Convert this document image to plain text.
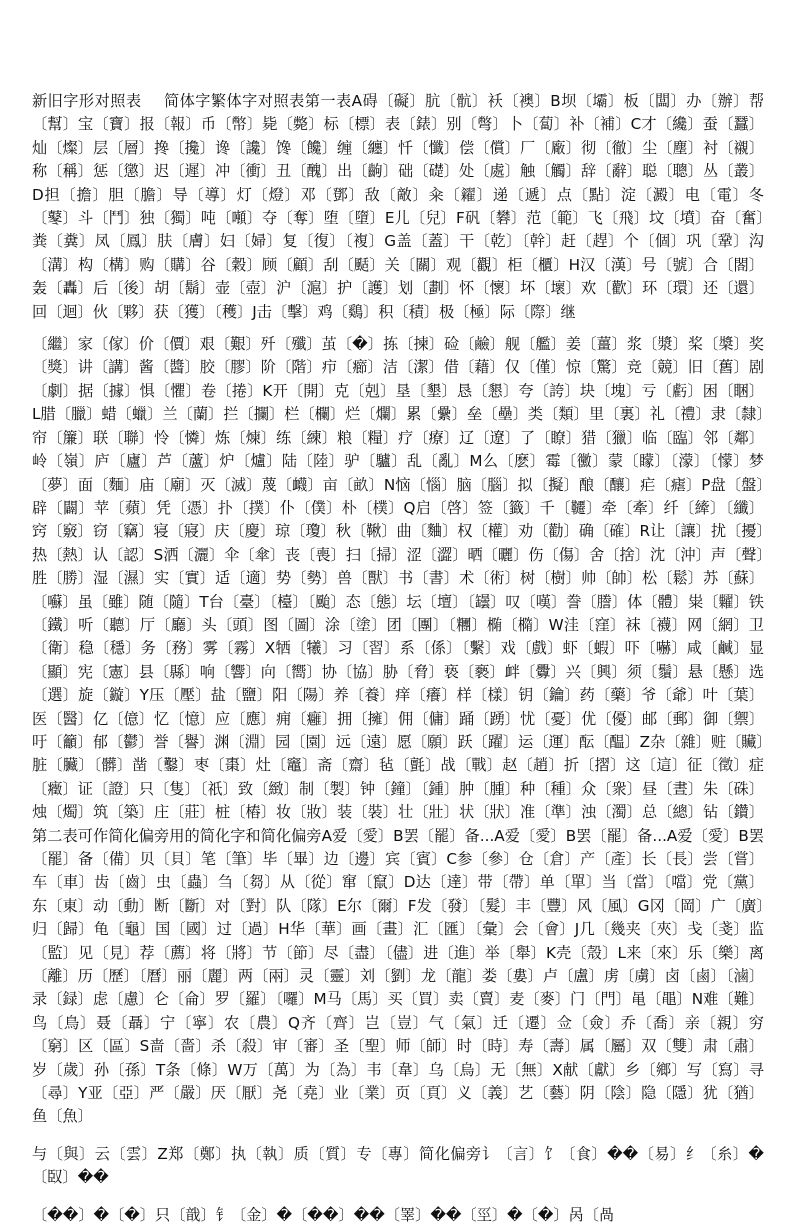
新旧字形对照表 简体字繁体字对照表第一表A碍〔礙〕肮〔骯〕袄〔襖〕B坝〔壩〕板〔闆〕办〔辦〕帮〔幫〕宝〔寶〕报〔報〕币〔幣〕毙〔斃〕标〔標〕表〔錶〕别〔彆〕卜〔蔔〕补〔補〕C才〔纔〕蚕〔蠶〕灿〔燦〕层〔層〕搀〔攙〕谗〔讒〕馋〔饞〕缠〔纏〕忏〔懺〕偿〔償〕厂〔廠〕彻〔徹〕尘〔塵〕衬〔襯〕称〔稱〕惩〔懲〕迟〔遲〕冲〔衝〕丑〔醜〕出〔齣〕础〔礎〕处〔處〕触〔觸〕辞〔辭〕聪〔聰〕丛〔叢〕D担〔擔〕胆〔膽〕导〔導〕灯〔燈〕邓〔鄧〕敌〔敵〕籴〔糴〕递〔遞〕点〔點〕淀〔澱〕电〔電〕冬〔鼕〕斗〔鬥〕独〔獨〕吨〔噸〕夺〔奪〕堕〔墮〕E儿〔兒〕F矾〔礬〕范〔範〕飞〔飛〕坟〔墳〕奋〔奮〕粪〔糞〕凤〔鳳〕肤〔膚〕妇〔婦〕复〔復〕〔複〕G盖〔蓋〕干〔乾〕〔幹〕赶〔趕〕个〔個〕巩〔鞏〕沟〔溝〕构〔構〕购〔購〕谷〔穀〕顾〔顧〕刮〔颳〕关〔關〕观〔觀〕柜〔櫃〕H汉〔漢〕号〔號〕合〔閤〕轰〔轟〕后〔後〕胡〔鬍〕壶〔壺〕沪〔滬〕护〔護〕划〔劃〕怀〔懷〕坏〔壞〕欢〔歡〕环〔環〕还〔還〕回〔迴〕伙〔夥〕获〔獲〕〔穫〕J击〔擊〕鸡〔鷄〕积〔積〕极〔極〕际〔際〕继

〔繼〕家〔傢〕价〔價〕艰〔艱〕歼〔殲〕茧〔�〕拣〔揀〕硷〔鹼〕舰〔艦〕姜〔薑〕浆〔漿〕桨〔槳〕奖〔獎〕讲〔講〕酱〔醬〕胶〔膠〕阶〔階〕疖〔癤〕洁〔潔〕借〔藉〕仅〔僅〕惊〔驚〕竞〔競〕旧〔舊〕剧〔劇〕据〔據〕惧〔懼〕卷〔捲〕K开〔開〕克〔剋〕垦〔墾〕恳〔懇〕夸〔誇〕块〔塊〕亏〔虧〕困〔睏〕L腊〔臘〕蜡〔蠟〕兰〔蘭〕拦〔攔〕栏〔欄〕烂〔爛〕累〔纍〕垒〔壘〕类〔類〕里〔裏〕礼〔禮〕隶〔隸〕帘〔簾〕联〔聯〕怜〔憐〕炼〔煉〕练〔練〕粮〔糧〕疗〔療〕辽〔遼〕了〔瞭〕猎〔獵〕临〔臨〕邻〔鄰〕岭〔嶺〕庐〔廬〕芦〔蘆〕炉〔爐〕陆〔陸〕驴〔驢〕乱〔亂〕M么〔麽〕霉〔黴〕蒙〔矇〕〔濛〕〔懞〕梦〔夢〕面〔麵〕庙〔廟〕灭〔滅〕蔑〔衊〕亩〔畝〕N恼〔惱〕脑〔腦〕拟〔擬〕酿〔釀〕疟〔瘧〕P盘〔盤〕辟〔闢〕苹〔蘋〕凭〔憑〕扑〔撲〕仆〔僕〕朴〔樸〕Q启〔啓〕签〔籤〕千〔韆〕牵〔牽〕纤〔縴〕〔纖〕窍〔竅〕窃〔竊〕寝〔寢〕庆〔慶〕琼〔瓊〕秋〔鞦〕曲〔麯〕权〔權〕劝〔勸〕确〔確〕R让〔讓〕扰〔擾〕热〔熱〕认〔認〕S洒〔灑〕伞〔傘〕丧〔喪〕扫〔掃〕涩〔澀〕晒〔曬〕伤〔傷〕舍〔捨〕沈〔沖〕声〔聲〕胜〔勝〕湿〔濕〕实〔實〕适〔適〕势〔勢〕兽〔獸〕书〔書〕术〔術〕树〔樹〕帅〔帥〕松〔鬆〕苏〔蘇〕〔囌〕虽〔雖〕随〔隨〕T台〔臺〕〔檯〕〔颱〕态〔態〕坛〔壇〕〔罎〕叹〔嘆〕誊〔謄〕体〔體〕粜〔糶〕铁〔鐵〕听〔聽〕厅〔廳〕头〔頭〕图〔圖〕涂〔塗〕团〔團〕〔糰〕椭〔橢〕W洼〔窪〕袜〔襪〕网〔網〕卫〔衛〕稳〔穩〕务〔務〕雾〔霧〕X牺〔犧〕习〔習〕系〔係〕〔繫〕戏〔戲〕虾〔蝦〕吓〔嚇〕咸〔鹹〕显〔顯〕宪〔憲〕县〔縣〕响〔響〕向〔嚮〕协〔協〕胁〔脅〕亵〔褻〕衅〔釁〕兴〔興〕须〔鬚〕悬〔懸〕选〔選〕旋〔鏇〕Y压〔壓〕盐〔鹽〕阳〔陽〕养〔養〕痒〔癢〕样〔樣〕钥〔鑰〕药〔藥〕爷〔爺〕叶〔葉〕医〔醫〕亿〔億〕忆〔憶〕应〔應〕痈〔癰〕拥〔擁〕佣〔傭〕踊〔踴〕忧〔憂〕优〔優〕邮〔郵〕御〔禦〕吁〔籲〕郁〔鬱〕誉〔譽〕渊〔淵〕园〔園〕远〔遠〕愿〔願〕跃〔躍〕运〔運〕酝〔醖〕Z杂〔雜〕赃〔贜〕脏〔臟〕〔髒〕凿〔鑿〕枣〔棗〕灶〔竈〕斋〔齋〕毡〔氈〕战〔戰〕赵〔趙〕折〔摺〕这〔這〕征〔徵〕症〔癥〕证〔證〕只〔隻〕〔祇〕致〔緻〕制〔製〕钟〔鐘〕〔鍾〕肿〔腫〕种〔種〕众〔衆〕昼〔晝〕朱〔硃〕烛〔燭〕筑〔築〕庄〔莊〕桩〔樁〕妆〔妝〕装〔裝〕壮〔壯〕状〔狀〕准〔準〕浊〔濁〕总〔總〕钻〔鑽〕第二表可作简化偏旁用的简化字和简化偏旁A爱〔愛〕B罢〔罷〕备...A爱〔愛〕B罢〔罷〕备...A爱〔愛〕B罢〔罷〕备〔備〕贝〔貝〕笔〔筆〕毕〔畢〕边〔邊〕宾〔賓〕C参〔參〕仓〔倉〕产〔產〕长〔長〕尝〔嘗〕车〔車〕齿〔齒〕虫〔蟲〕刍〔芻〕从〔從〕窜〔竄〕D达〔達〕带〔帶〕单〔單〕当〔當〕〔噹〕党〔黨〕东〔東〕动〔動〕断〔斷〕对〔對〕队〔隊〕E尔〔爾〕F发〔發〕〔髮〕丰〔豐〕风〔風〕G冈〔岡〕广〔廣〕归〔歸〕龟〔龜〕国〔國〕过〔過〕H华〔華〕画〔畫〕汇〔匯〕〔彙〕会〔會〕J几〔幾夹〔夾〕戋〔戔〕监〔監〕见〔見〕荐〔薦〕将〔將〕节〔節〕尽〔盡〕〔儘〕进〔進〕举〔舉〕K壳〔殼〕L来〔來〕乐〔樂〕离〔離〕历〔歷〕〔曆〕丽〔麗〕两〔兩〕灵〔靈〕刘〔劉〕龙〔龍〕娄〔婁〕卢〔盧〕虏〔虜〕卤〔鹵〕〔滷〕录〔録〕虑〔慮〕仑〔侖〕罗〔羅〕〔囉〕M马〔馬〕买〔買〕卖〔賣〕麦〔麥〕门〔門〕黾〔黽〕N难〔難〕鸟〔鳥〕聂〔聶〕宁〔寧〕农〔農〕Q齐〔齊〕岂〔豈〕气〔氣〕迁〔遷〕佥〔僉〕乔〔喬〕亲〔親〕穷〔窮〕区〔區〕S啬〔嗇〕杀〔殺〕审〔審〕圣〔聖〕师〔師〕时〔時〕寿〔壽〕属〔屬〕双〔雙〕肃〔肅〕岁〔歲〕孙〔孫〕T条〔條〕W万〔萬〕为〔為〕韦〔韋〕乌〔烏〕无〔無〕X献〔獻〕乡〔鄉〕写〔寫〕寻〔尋〕Y亚〔亞〕严〔嚴〕厌〔厭〕尧〔堯〕业〔業〕页〔頁〕义〔義〕艺〔藝〕阴〔陰〕隐〔隱〕犹〔猶〕鱼〔魚〕

与〔與〕云〔雲〕Z郑〔鄭〕执〔執〕质〔質〕专〔專〕简化偏旁讠〔言〕饣〔食〕��〔易〕纟〔糸〕�〔臤〕��

〔��〕�〔�〕只〔戠〕钅〔金〕�〔��〕��〔睪〕��〔巠〕�〔�〕呙〔咼
